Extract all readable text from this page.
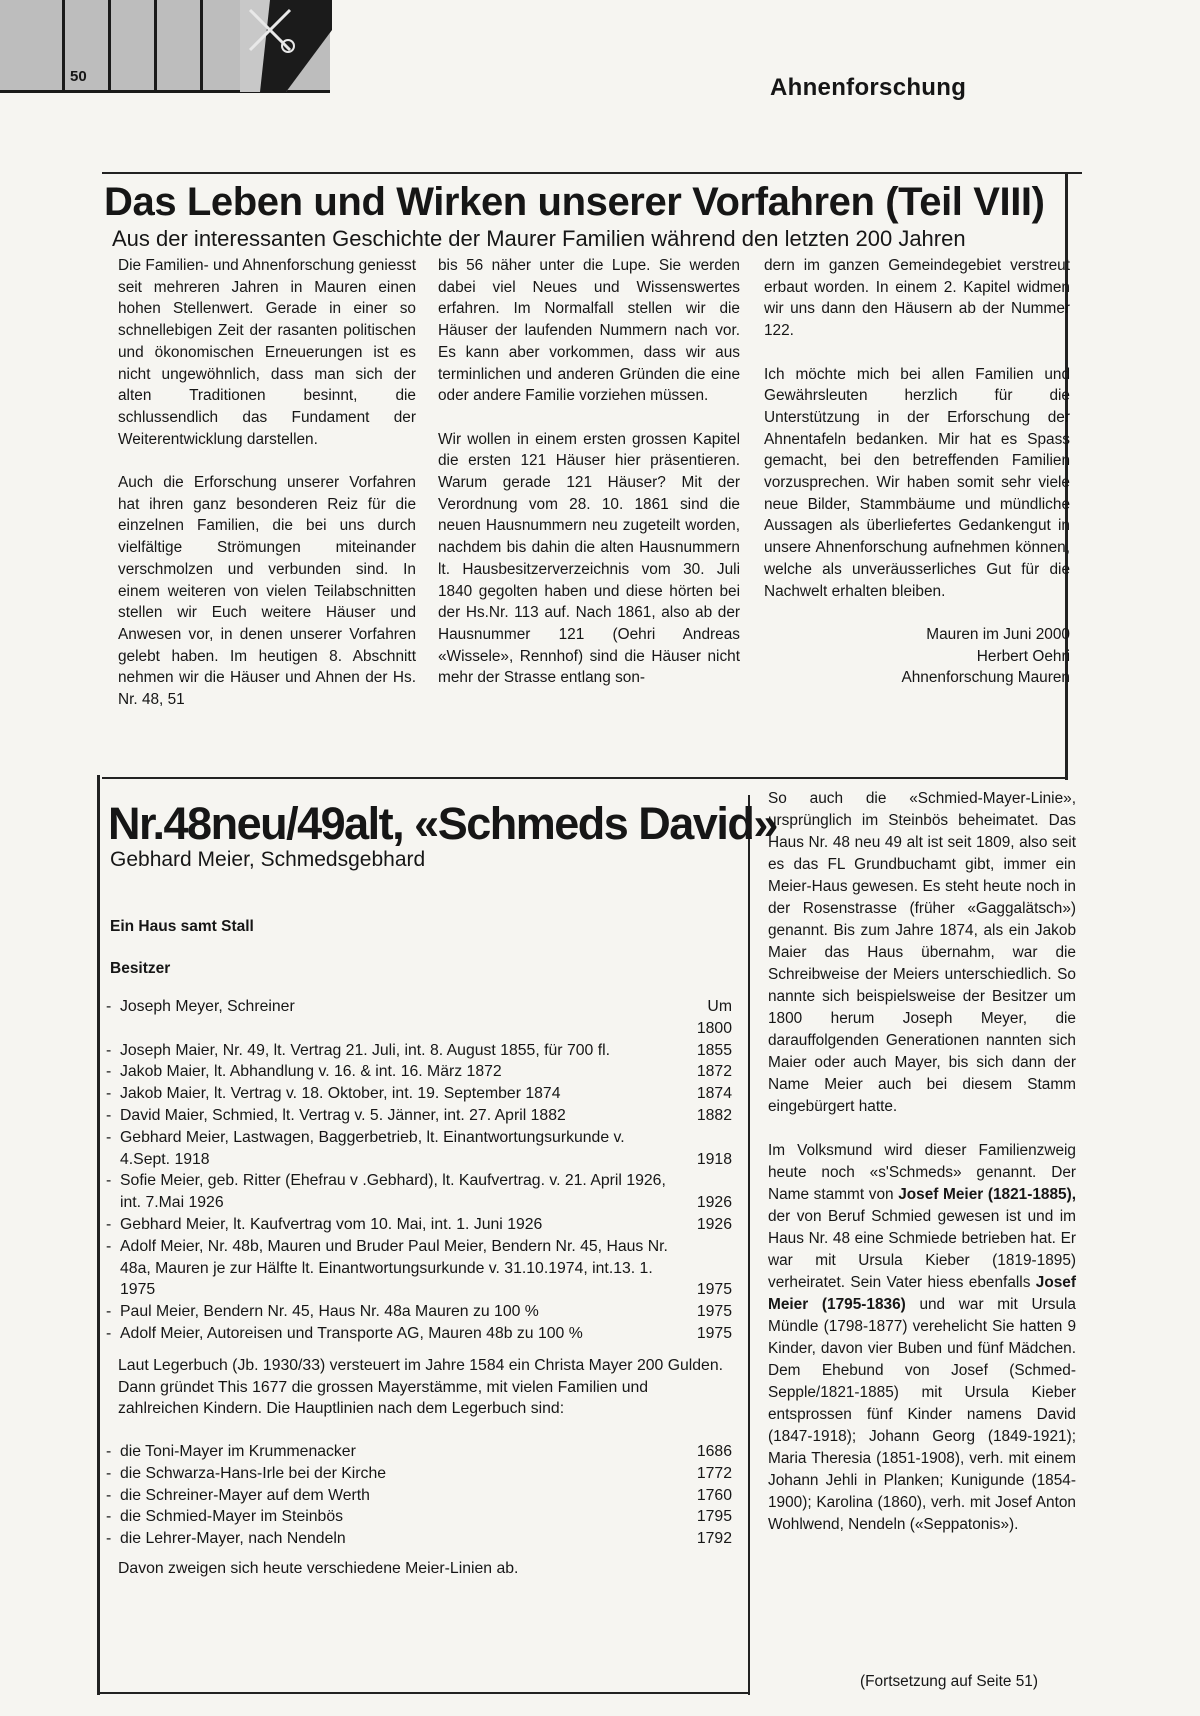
50	Ahnenforschung
Das Leben und Wirken unserer Vorfahren (Teil VIII)
Aus der interessanten Geschichte der Maurer Familien während den letzten 200 Jahren

Die Familien- und Ahnenforschung geniesst seit mehreren Jahren in Mauren einen hohen Stellenwert. Gerade in einer so schnellebigen Zeit der rasanten politischen und ökonomischen Erneuerungen ist es nicht ungewöhnlich, dass man sich der alten Traditionen besinnt, die schlussendlich das Fundament der Weiterentwicklung darstellen.

Auch die Erforschung unserer Vorfahren hat ihren ganz besonderen Reiz für die einzelnen Familien, die bei uns durch vielfältige Strömungen miteinander verschmolzen und verbunden sind. In einem weiteren von vielen Teilabschnitten stellen wir Euch weitere Häuser und Anwesen vor, in denen unserer Vorfahren gelebt haben. Im heutigen 8. Abschnitt nehmen wir die Häuser und Ahnen der Hs. Nr. 48, 51

bis 56 näher unter die Lupe. Sie werden dabei viel Neues und Wissenswertes erfahren. Im Normalfall stellen wir die Häuser der laufenden Nummern nach vor. Es kann aber vorkommen, dass wir aus terminlichen und anderen Gründen die eine oder andere Familie vorziehen müssen.

Wir wollen in einem ersten grossen Kapitel die ersten 121 Häuser hier präsentieren. Warum gerade 121 Häuser? Mit der Verordnung vom 28. 10. 1861 sind die neuen Hausnummern neu zugeteilt worden, nachdem bis dahin die alten Hausnummern lt. Hausbesitzerverzeichnis vom 30. Juli 1840 gegolten haben und diese hörten bei der Hs.Nr. 113 auf. Nach 1861, also ab der Hausnummer 121 (Oehri Andreas «Wissele», Rennhof) sind die Häuser nicht mehr der Strasse entlang son-

dern im ganzen Gemeindegebiet verstreut erbaut worden. In einem 2. Kapitel widmen wir uns dann den Häusern ab der Nummer 122.

Ich möchte mich bei allen Familien und Gewährsleuten herzlich für die Unterstützung in der Erforschung der Ahnentafeln bedanken. Mir hat es Spass gemacht, bei den betreffenden Familien vorzusprechen. Wir haben somit sehr viele neue Bilder, Stammbäume und mündliche Aussagen als überliefertes Gedankengut in unsere Ahnenforschung aufnehmen können, welche als unveräusserliches Gut für die Nachwelt erhalten bleiben.

Mauren im Juni 2000
Herbert Oehri
Ahnenforschung Mauren
Nr.48neu/49alt, «Schmeds David»
Gebhard Meier, Schmedsgebhard
Ein Haus samt Stall
Besitzer
- Joseph Meyer, Schreiner	Um 1800
- Joseph Maier, Nr. 49, lt. Vertrag 21. Juli, int. 8. August 1855, für 700 fl.	1855
- Jakob Maier, lt. Abhandlung v. 16. & int. 16. März 1872	1872
- Jakob Maier, lt. Vertrag v. 18. Oktober, int. 19. September 1874	1874
- David Maier, Schmied, lt. Vertrag v. 5. Jänner, int. 27. April 1882	1882
- Gebhard Meier, Lastwagen, Baggerbetrieb, lt. Einantwortungsurkunde v. 4.Sept. 1918	1918
- Sofie Meier, geb. Ritter (Ehefrau v .Gebhard), lt. Kaufvertrag. v. 21. April 1926, int. 7.Mai 1926	1926
- Gebhard Meier, lt. Kaufvertrag vom 10. Mai, int. 1. Juni 1926	1926
- Adolf Meier, Nr. 48b, Mauren und Bruder Paul Meier, Bendern Nr. 45, Haus Nr. 48a, Mauren je zur Hälfte lt. Einantwortungsurkunde v. 31.10.1974, int.13. 1. 1975	1975
- Paul Meier, Bendern Nr. 45, Haus Nr. 48a Mauren zu 100 %	1975
- Adolf Meier, Autoreisen und Transporte AG, Mauren 48b zu 100 %	1975

Laut Legerbuch (Jb. 1930/33) versteuert im Jahre 1584 ein Christa Mayer 200 Gulden. Dann gründet This 1677 die grossen Mayerstämme, mit vielen Familien und zahlreichen Kindern. Die Hauptlinien nach dem Legerbuch sind:

- die Toni-Mayer im Krummenacker	1686
- die Schwarza-Hans-Irle bei der Kirche	1772
- die Schreiner-Mayer auf dem Werth	1760
- die Schmied-Mayer im Steinbös	1795
- die Lehrer-Mayer, nach Nendeln	1792

Davon zweigen sich heute verschiedene Meier-Linien ab.

So auch die «Schmied-Mayer-Linie», ursprünglich im Steinbös beheimatet. Das Haus Nr. 48 neu 49 alt ist seit 1809, also seit es das FL Grundbuchamt gibt, immer ein Meier-Haus gewesen. Es steht heute noch in der Rosenstrasse (früher «Gaggalätsch») genannt. Bis zum Jahre 1874, als ein Jakob Maier das Haus übernahm, war die Schreibweise der Meiers unterschiedlich. So nannte sich beispielsweise der Besitzer um 1800 herum Joseph Meyer, die darauffolgenden Generationen nannten sich Maier oder auch Mayer, bis sich dann der Name Meier auch bei diesem Stamm eingebürgert hatte.

Im Volksmund wird dieser Familienzweig heute noch «s'Schmeds» genannt. Der Name stammt von Josef Meier (1821-1885), der von Beruf Schmied gewesen ist und im Haus Nr. 48 eine Schmiede betrieben hat. Er war mit Ursula Kieber (1819-1895) verheiratet. Sein Vater hiess ebenfalls Josef Meier (1795-1836) und war mit Ursula Mündle (1798-1877) verehelicht Sie hatten 9 Kinder, davon vier Buben und fünf Mädchen. Dem Ehebund von Josef (Schmed-Sepple/1821-1885) mit Ursula Kieber entsprossen fünf Kinder namens David (1847-1918); Johann Georg (1849-1921); Maria Theresia (1851-1908), verh. mit einem Johann Jehli in Planken; Kunigunde (1854-1900); Karolina (1860), verh. mit Josef Anton Wohlwend, Nendeln («Seppatonis»).

(Fortsetzung auf Seite 51)
